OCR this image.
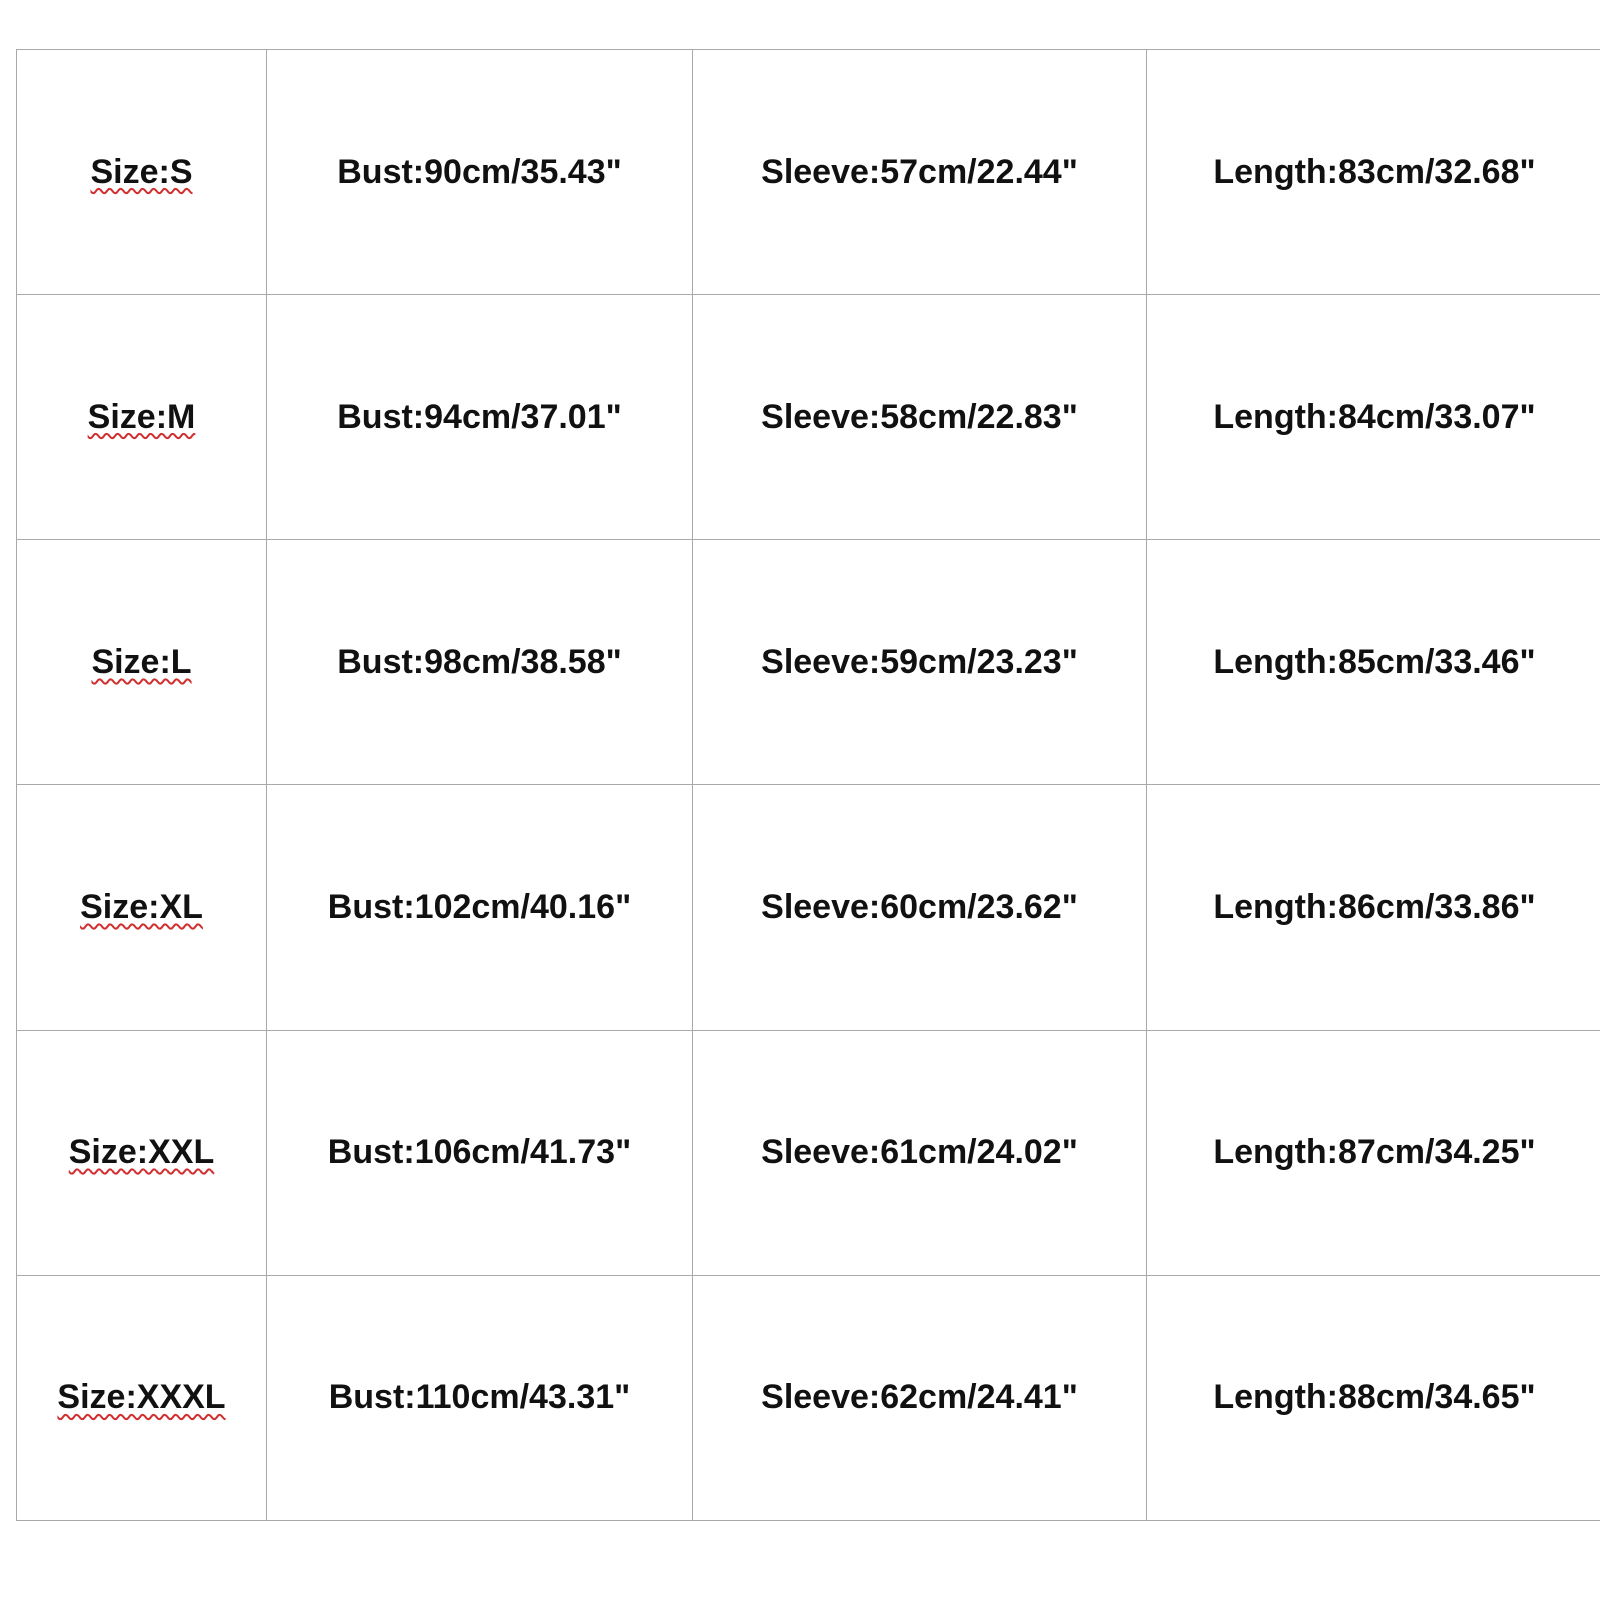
Size:S	Bust:90cm/35.43"	Sleeve:57cm/22.44"	Length:83cm/32.68"
Size:M	Bust:94cm/37.01"	Sleeve:58cm/22.83"	Length:84cm/33.07"
Size:L	Bust:98cm/38.58"	Sleeve:59cm/23.23"	Length:85cm/33.46"
Size:XL	Bust:102cm/40.16"	Sleeve:60cm/23.62"	Length:86cm/33.86"
Size:XXL	Bust:106cm/41.73"	Sleeve:61cm/24.02"	Length:87cm/34.25"
Size:XXXL	Bust:110cm/43.31"	Sleeve:62cm/24.41"	Length:88cm/34.65"
